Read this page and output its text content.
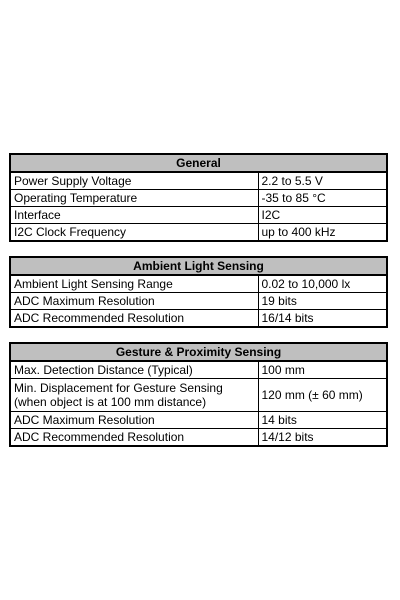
General	
Power Supply Voltage	2.2 to 5.5 V
Operating Temperature	-35 to 85 °C
Interface	I2C
I2C Clock Frequency	up to 400 kHz
Ambient Light Sensing	
Ambient Light Sensing Range	0.02 to 10,000 lx
ADC Maximum Resolution	19 bits
ADC Recommended Resolution	16/14 bits
Gesture & Proximity Sensing	
Max. Detection Distance (Typical)	100 mm
Min. Displacement for Gesture Sensing
(when object is at 100 mm distance)	120 mm (± 60 mm)
ADC Maximum Resolution	14 bits
ADC Recommended Resolution	14/12 bits
